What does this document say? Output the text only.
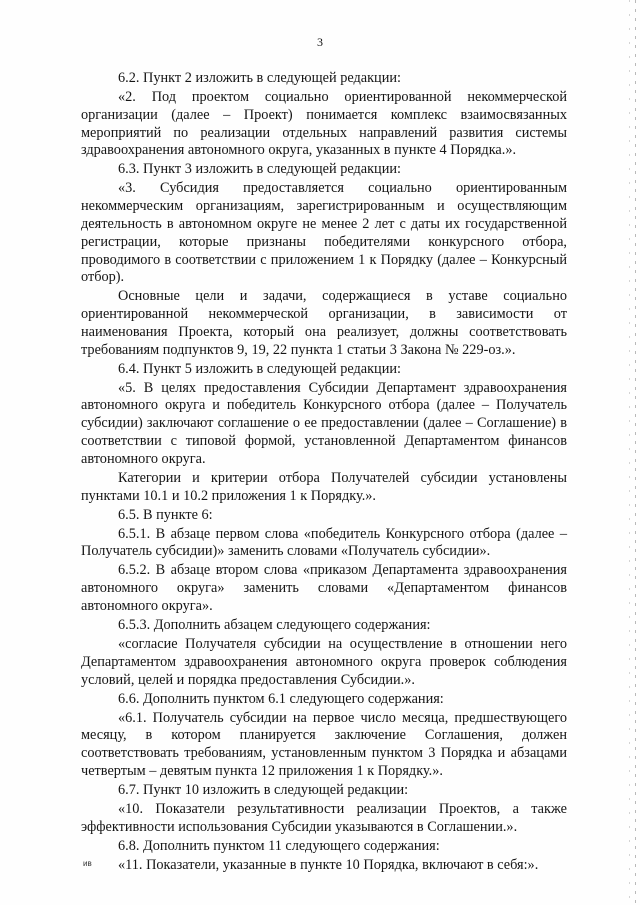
3

6.2. Пункт 2 изложить в следующей редакции:

«2. Под проектом социально ориентированной некоммерческой организации (далее – Проект) понимается комплекс взаимосвязанных мероприятий по реализации отдельных направлений развития системы здравоохранения автономного округа, указанных в пункте 4 Порядка.».

6.3. Пункт 3 изложить в следующей редакции:

«3. Субсидия предоставляется социально ориентированным некоммерческим организациям, зарегистрированным и осуществляющим деятельность в автономном округе не менее 2 лет с даты их государственной регистрации, которые признаны победителями конкурсного отбора, проводимого в соответствии с приложением 1 к Порядку (далее – Конкурсный отбор).

Основные цели и задачи, содержащиеся в уставе социально ориентированной некоммерческой организации, в зависимости от наименования Проекта, который она реализует, должны соответствовать требованиям подпунктов 9, 19, 22 пункта 1 статьи 3 Закона № 229-оз.».

6.4. Пункт 5 изложить в следующей редакции:

«5. В целях предоставления Субсидии Департамент здравоохранения автономного округа и победитель Конкурсного отбора (далее – Получатель субсидии) заключают соглашение о ее предоставлении (далее – Соглашение) в соответствии с типовой формой, установленной Департаментом финансов автономного округа.

Категории и критерии отбора Получателей субсидии установлены пунктами 10.1 и 10.2 приложения 1 к Порядку.».

6.5. В пункте 6:

6.5.1. В абзаце первом слова «победитель Конкурсного отбора (далее – Получатель субсидии)» заменить словами «Получатель субсидии».

6.5.2. В абзаце втором слова «приказом Департамента здравоохранения автономного округа» заменить словами «Департаментом финансов автономного округа».

6.5.3. Дополнить абзацем следующего содержания:

«согласие Получателя субсидии на осуществление в отношении него Департаментом здравоохранения автономного округа проверок соблюдения условий, целей и порядка предоставления Субсидии.».

6.6. Дополнить пунктом 6.1 следующего содержания:

«6.1. Получатель субсидии на первое число месяца, предшествующего месяцу, в котором планируется заключение Соглашения, должен соответствовать требованиям, установленным пунктом 3 Порядка и абзацами четвертым – девятым пункта 12 приложения 1 к Порядку.».

6.7. Пункт 10 изложить в следующей редакции:

«10. Показатели результативности реализации Проектов, а также эффективности использования Субсидии указываются в Соглашении.».

6.8. Дополнить пунктом 11 следующего содержания:

«11. Показатели, указанные в пункте 10 Порядка, включают в себя:».

ив
